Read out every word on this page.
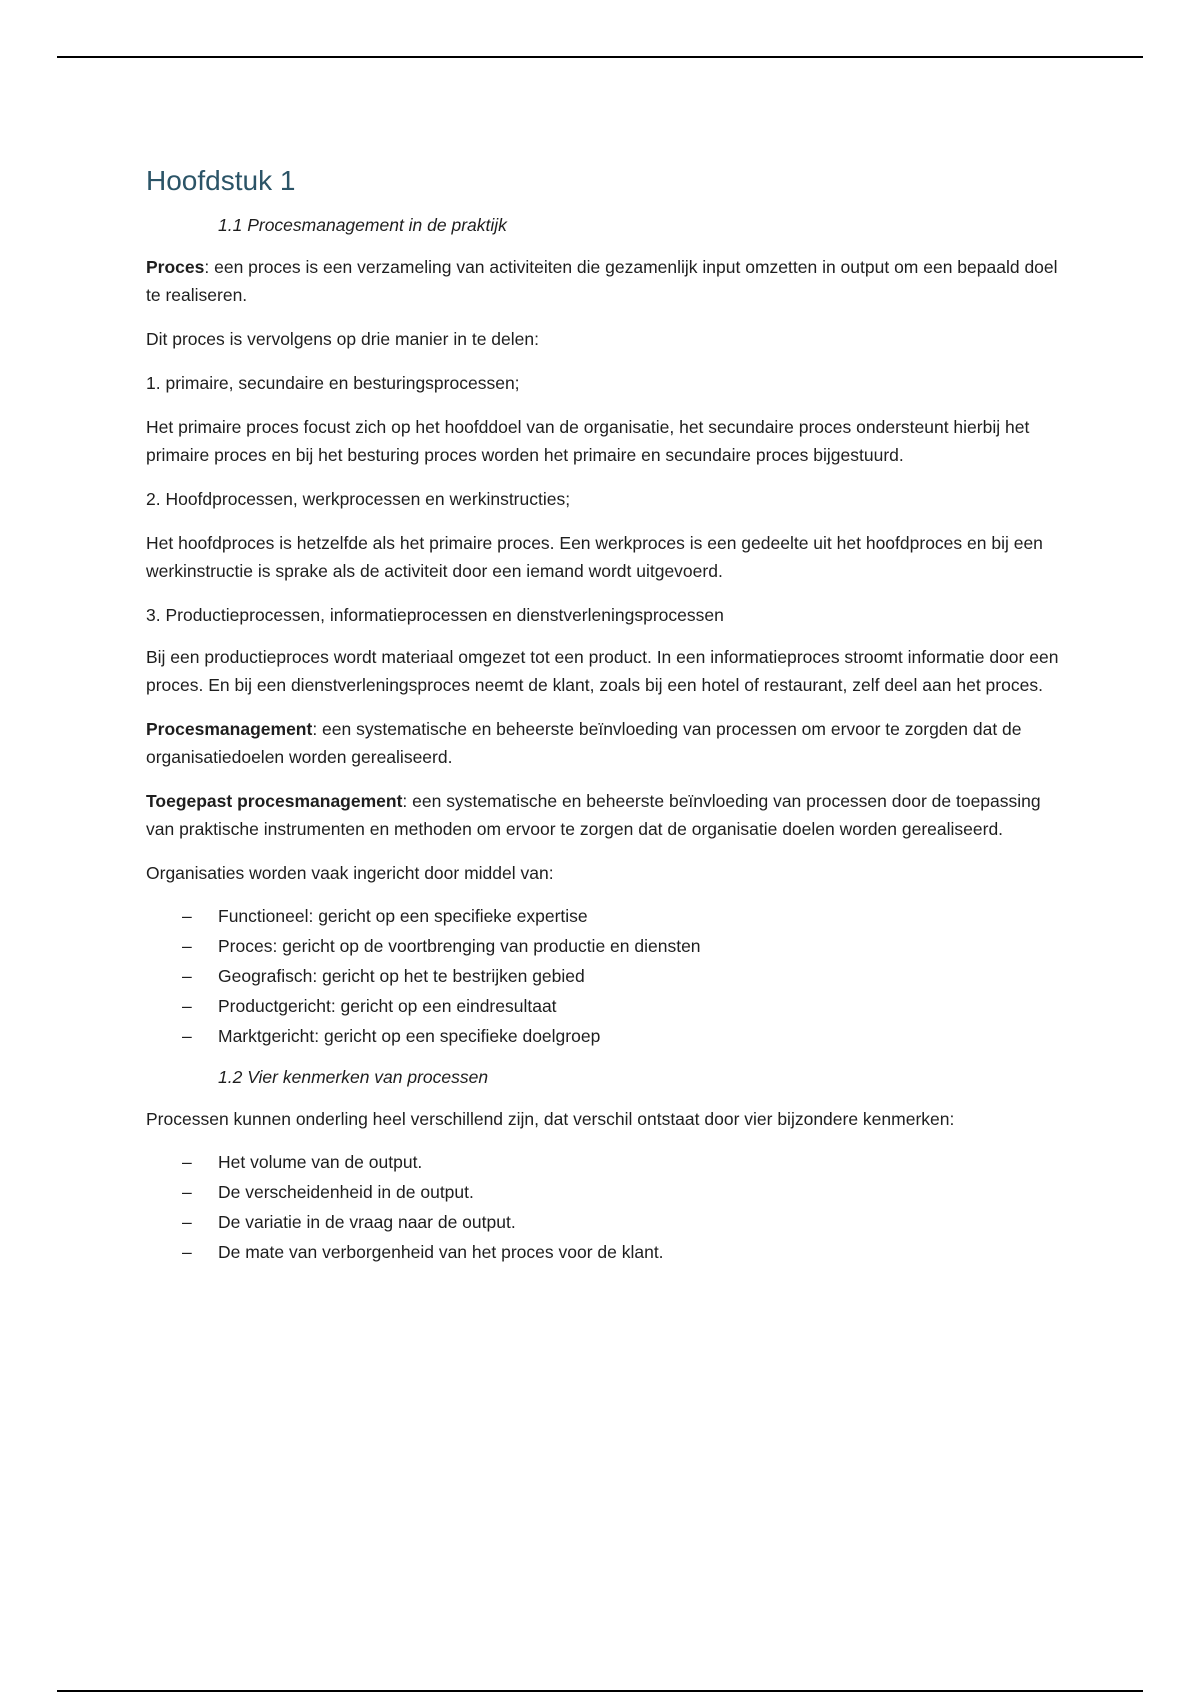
Hoofdstuk 1
1.1 Procesmanagement in de praktijk

Proces: een proces is een verzameling van activiteiten die gezamenlijk input omzetten in output om een bepaald doel te realiseren.

Dit proces is vervolgens op drie manier in te delen:

1. primaire, secundaire en besturingsprocessen;

Het primaire proces focust zich op het hoofddoel van de organisatie, het secundaire proces ondersteunt hierbij het primaire proces en bij het besturing proces worden het primaire en secundaire proces bijgestuurd.

2. Hoofdprocessen, werkprocessen en werkinstructies;

Het hoofdproces is hetzelfde als het primaire proces. Een werkproces is een gedeelte uit het hoofdproces en bij een werkinstructie is sprake als de activiteit door een iemand wordt uitgevoerd.

3. Productieprocessen, informatieprocessen en dienstverleningsprocessen

Bij een productieproces wordt materiaal omgezet tot een product. In een informatieproces stroomt informatie door een proces. En bij een dienstverleningsproces neemt de klant, zoals bij een hotel of restaurant, zelf deel aan het proces.

Procesmanagement: een systematische en beheerste beïnvloeding van processen om ervoor te zorgden dat de organisatiedoelen worden gerealiseerd.

Toegepast procesmanagement: een systematische en beheerste beïnvloeding van processen door de toepassing van praktische instrumenten en methoden om ervoor te zorgen dat de organisatie doelen worden gerealiseerd.

Organisaties worden vaak ingericht door middel van:

– Functioneel: gericht op een specifieke expertise
– Proces: gericht op de voortbrenging van productie en diensten
– Geografisch: gericht op het te bestrijken gebied
– Productgericht: gericht op een eindresultaat
– Marktgericht: gericht op een specifieke doelgroep
1.2 Vier kenmerken van processen

Processen kunnen onderling heel verschillend zijn, dat verschil ontstaat door vier bijzondere kenmerken:

– Het volume van de output.
– De verscheidenheid in de output.
– De variatie in de vraag naar de output.
– De mate van verborgenheid van het proces voor de klant.
